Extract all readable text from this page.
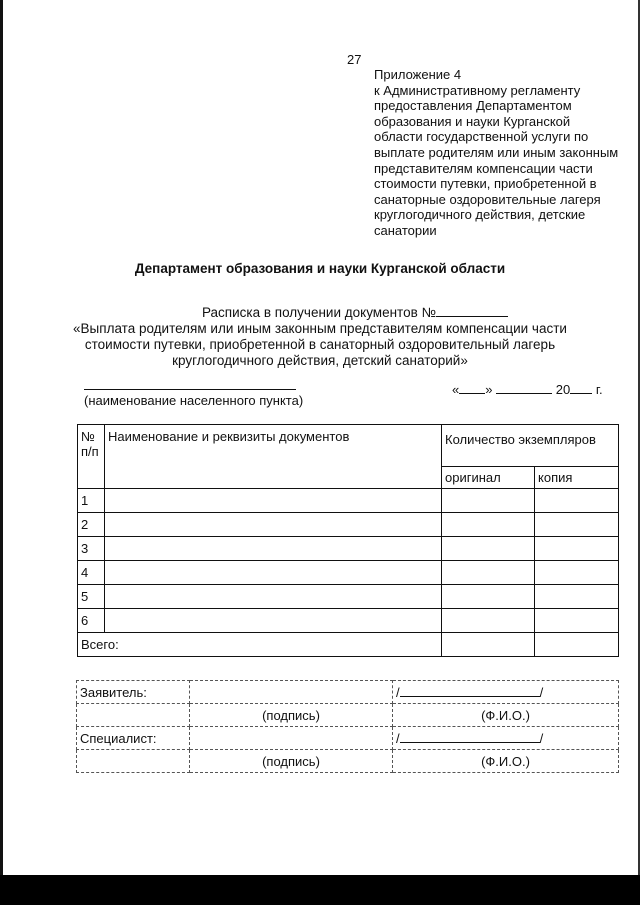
27
Приложение 4
к Административному регламенту
предоставления Департаментом
образования и науки Курганской
области государственной услуги по
выплате родителям или иным законным
представителям компенсации части
стоимости путевки, приобретенной в
санаторные оздоровительные лагеря
круглогодичного действия, детские
санатории
Департамент образования и науки Курганской области
Расписка в получении документов №
«Выплата родителям или иным законным представителям компенсации части
стоимости путевки, приобретенной в санаторный оздоровительный лагерь
круглогодичного действия, детский санаторий»
(наименование населенного пункта)
« »	20 г.
№ п/п	Наименование и реквизиты документов	Количество экземпляров	
		оригинал	копия
1			
2			
3			
4			
5			
6			
Всего:			
Заявитель:		/ /
	(подпись)	(Ф.И.О.)
Специалист:		/ /
	(подпись)	(Ф.И.О.)
